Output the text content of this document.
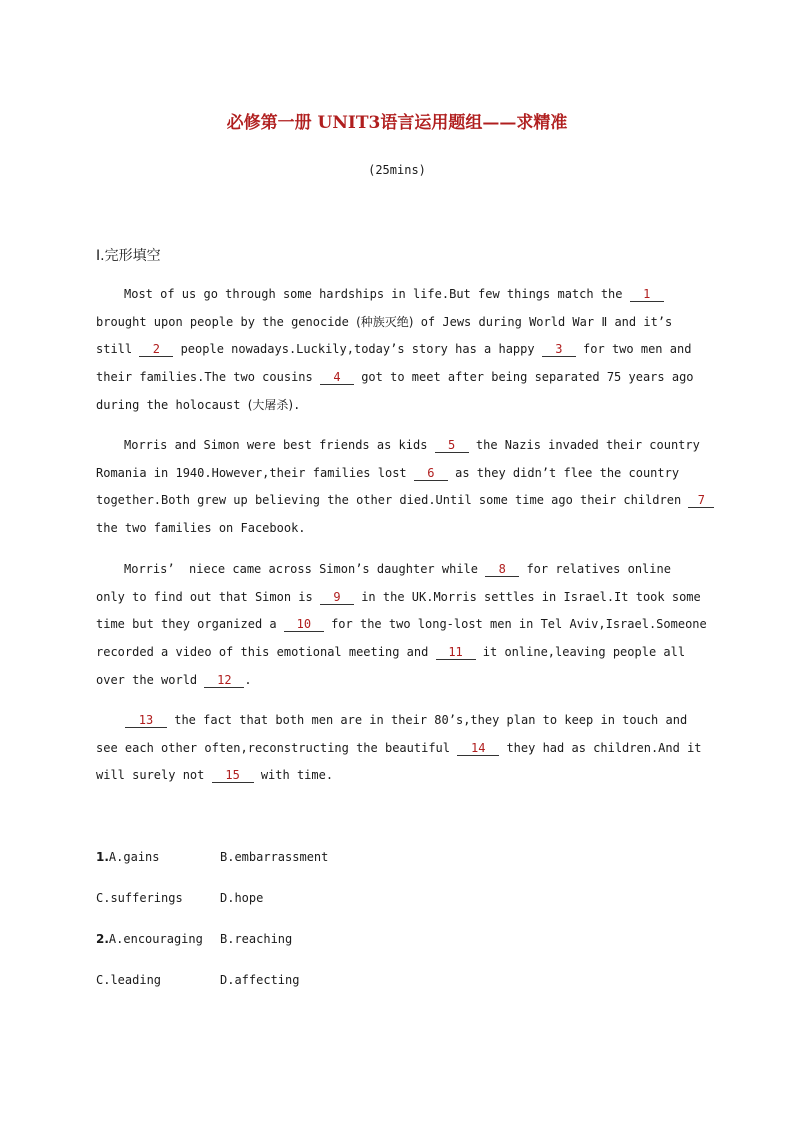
必修第一册 UNIT3语言运用题组——求精准
(25mins)
Ⅰ.完形填空
Most of us go through some hardships in life.But few things match the 1
brought upon people by the genocide (种族灭绝) of Jews during World War Ⅱ and it’s
still 2 people nowadays.Luckily,today’s story has a happy 3 for two men and
their families.The two cousins 4 got to meet after being separated 75 years ago
during the holocaust (大屠杀).
Morris and Simon were best friends as kids 5 the Nazis invaded their country
Romania in 1940.However,their families lost 6 as they didn’t flee the country
together.Both grew up believing the other died.Until some time ago their children 7
the two families on Facebook.
Morris’  niece came across Simon’s daughter while 8 for relatives online
only to find out that Simon is 9 in the UK.Morris settles in Israel.It took some
time but they organized a 10 for the two long-lost men in Tel Aviv,Israel.Someone
recorded a video of this emotional meeting and 11 it online,leaving people all
over the world 12 .
13 the fact that both men are in their 80’s,they plan to keep in touch and
see each other often,reconstructing the beautiful 14 they had as children.And it
will surely not 15 with time.
1.A.gains	B.embarrassment
C.sufferings	D.hope
2.A.encouraging B.reaching
C.leading	D.affecting
